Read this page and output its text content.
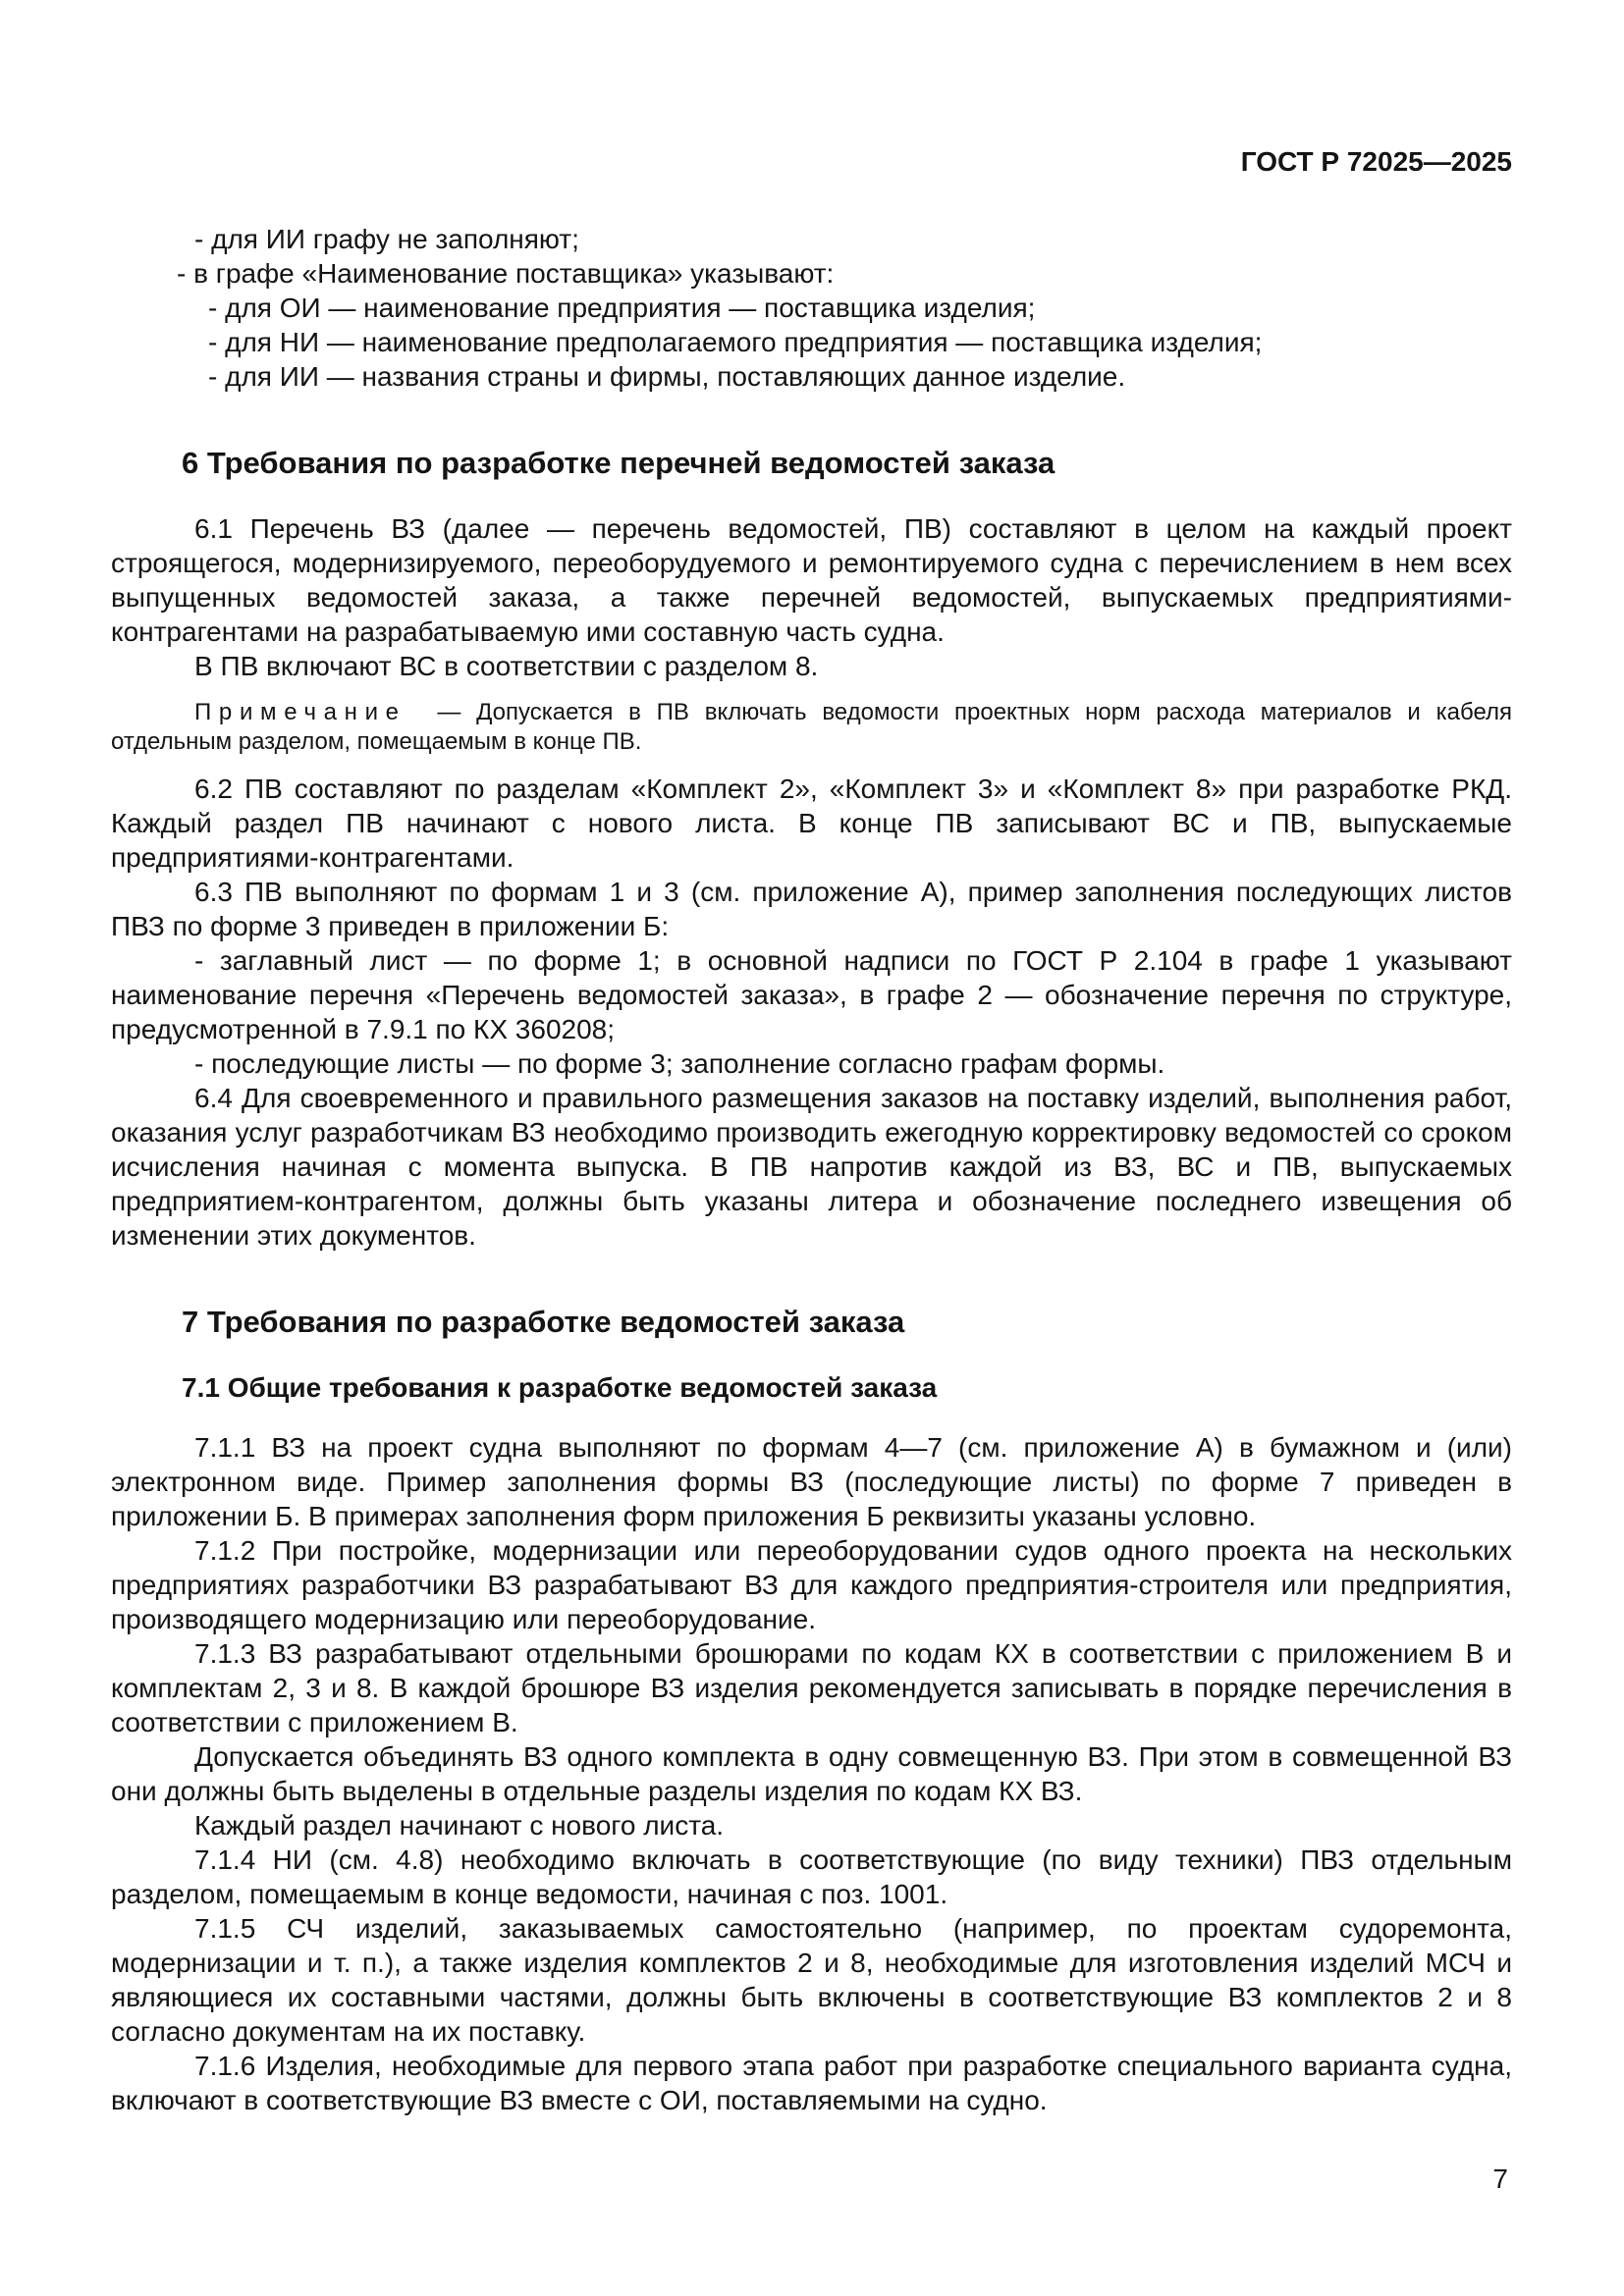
ГОСТ Р 72025—2025

- для ИИ графу не заполняют;

- в графе «Наименование поставщика» указывают:

- для ОИ — наименование предприятия — поставщика изделия;

- для НИ — наименование предполагаемого предприятия — поставщика изделия;

- для ИИ — названия страны и фирмы, поставляющих данное изделие.

6 Требования по разработке перечней ведомостей заказа

6.1 Перечень ВЗ (далее — перечень ведомостей, ПВ) составляют в целом на каждый проект строящегося, модернизируемого, переоборудуемого и ремонтируемого судна с перечислением в нем всех выпущенных ведомостей заказа, а также перечней ведомостей, выпускаемых предприятиями-контрагентами на разрабатываемую ими составную часть судна.

В ПВ включают ВС в соответствии с разделом 8.

Примечание — Допускается в ПВ включать ведомости проектных норм расхода материалов и кабеля отдельным разделом, помещаемым в конце ПВ.

6.2 ПВ составляют по разделам «Комплект 2», «Комплект 3» и «Комплект 8» при разработке РКД. Каждый раздел ПВ начинают с нового листа. В конце ПВ записывают ВС и ПВ, выпускаемые предприятиями-контрагентами.

6.3 ПВ выполняют по формам 1 и 3 (см. приложение А), пример заполнения последующих листов ПВЗ по форме 3 приведен в приложении Б:

- заглавный лист — по форме 1; в основной надписи по ГОСТ Р 2.104 в графе 1 указывают наименование перечня «Перечень ведомостей заказа», в графе 2 — обозначение перечня по структуре, предусмотренной в 7.9.1 по КХ 360208;

- последующие листы — по форме 3; заполнение согласно графам формы.

6.4 Для своевременного и правильного размещения заказов на поставку изделий, выполнения работ, оказания услуг разработчикам ВЗ необходимо производить ежегодную корректировку ведомостей со сроком исчисления начиная с момента выпуска. В ПВ напротив каждой из ВЗ, ВС и ПВ, выпускаемых предприятием-контрагентом, должны быть указаны литера и обозначение последнего извещения об изменении этих документов.

7 Требования по разработке ведомостей заказа
7.1 Общие требования к разработке ведомостей заказа

7.1.1 ВЗ на проект судна выполняют по формам 4—7 (см. приложение А) в бумажном и (или) электронном виде. Пример заполнения формы ВЗ (последующие листы) по форме 7 приведен в приложении Б. В примерах заполнения форм приложения Б реквизиты указаны условно.

7.1.2 При постройке, модернизации или переоборудовании судов одного проекта на нескольких предприятиях разработчики ВЗ разрабатывают ВЗ для каждого предприятия-строителя или предприятия, производящего модернизацию или переоборудование.

7.1.3 ВЗ разрабатывают отдельными брошюрами по кодам КХ в соответствии с приложением В и комплектам 2, 3 и 8. В каждой брошюре ВЗ изделия рекомендуется записывать в порядке перечисления в соответствии с приложением В.

Допускается объединять ВЗ одного комплекта в одну совмещенную ВЗ. При этом в совмещенной ВЗ они должны быть выделены в отдельные разделы изделия по кодам КХ ВЗ.

Каждый раздел начинают с нового листа.

7.1.4 НИ (см. 4.8) необходимо включать в соответствующие (по виду техники) ПВЗ отдельным разделом, помещаемым в конце ведомости, начиная с поз. 1001.

7.1.5 СЧ изделий, заказываемых самостоятельно (например, по проектам судоремонта, модернизации и т. п.), а также изделия комплектов 2 и 8, необходимые для изготовления изделий МСЧ и являющиеся их составными частями, должны быть включены в соответствующие ВЗ комплектов 2 и 8 согласно документам на их поставку.

7.1.6 Изделия, необходимые для первого этапа работ при разработке специального варианта судна, включают в соответствующие ВЗ вместе с ОИ, поставляемыми на судно.

7
